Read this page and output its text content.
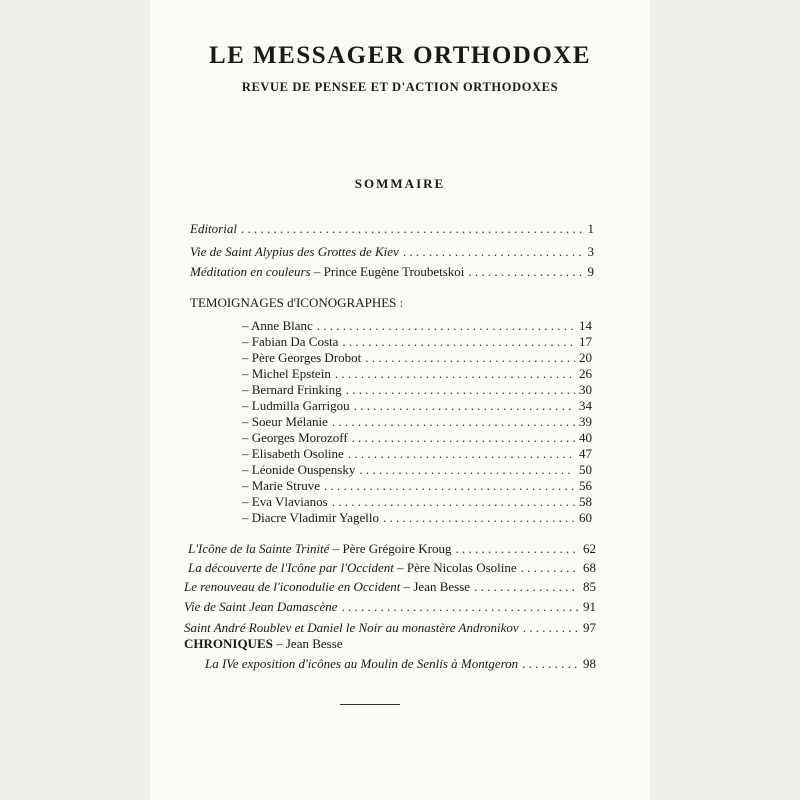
LE MESSAGER ORTHODOXE
REVUE DE PENSEE ET D'ACTION ORTHODOXES
SOMMAIRE
Editorial . . .	1
Vie de Saint Alypius des Grottes de Kiev . . .	3
Méditation en couleurs – Prince Eugène Troubetskoi . . .	9
TEMOIGNAGES d'ICONOGRAPHES :
– Anne Blanc . . .	14
– Fabian Da Costa . . .	17
– Père Georges Drobot . . .	20
– Michel Epstein . . .	26
– Bernard Frinking . . .	30
– Ludmilla Garrigou . . .	34
– Soeur Mélanie . . .	39
– Georges Morozoff . . .	40
– Elisabeth Osoline . . .	47
– Léonide Ouspensky . . .	50
– Marie Struve . . .	56
– Eva Vlavianos . . .	58
– Diacre Vladimir Yagello . . .	60
L'Icône de la Sainte Trinité – Père Grégoire Kroug . . .	62
La découverte de l'Icône par l'Occident – Père Nicolas Osoline . . .	68
Le renouveau de l'iconodulie en Occident – Jean Besse . . .	85
Vie de Saint Jean Damascène . . .	91
Saint André Roublev et Daniel le Noir au monastère Andronikov . . .	97
CHRONIQUES – Jean Besse
La IVe exposition d'icônes au Moulin de Senlis à Montgeron . . .	98
